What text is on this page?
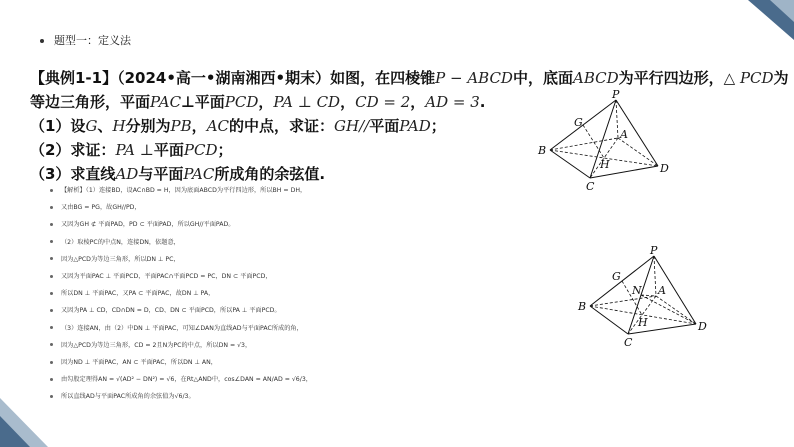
题型一：定义法
【典例1-1】（2024•高一•湖南湘西•期末）如图，在四棱锥P − ABCD中，底面ABCD为平行四边形，△ PCD为
等边三角形，平面PAC⊥平面PCD，PA ⊥ CD，CD = 2，AD = 3.
（1）设G、H分别为PB，AC的中点，求证：GH//平面PAD；
（2）求证：PA ⊥平面PCD；
（3）求直线AD与平面PAC所成角的余弦值.
【解析】（1）连接BD，设AC∩BD = H，因为底面ABCD为平行四边形，所以BH = DH，
又由BG = PG，故GH//PD，
又因为GH ⊄ 平面PAD，PD ⊂ 平面PAD，所以GH//平面PAD。
（2）取棱PC的中点N，连接DN，依题意，
因为△PCD为等边三角形，所以DN ⊥ PC，
又因为平面PAC ⊥ 平面PCD，平面PAC∩平面PCD = PC，DN ⊂ 平面PCD，
所以DN ⊥ 平面PAC，又PA ⊂ 平面PAC，故DN ⊥ PA，
又因为PA ⊥ CD，CD∩DN = D，CD、DN ⊂ 平面PCD，所以PA ⊥ 平面PCD。
（3）连接AN，由（2）中DN ⊥ 平面PAC，可知∠DAN为直线AD与平面PAC所成的角，
因为△PCD为等边三角形，CD = 2且N为PC的中点，所以DN = √3，
因为ND ⊥ 平面PAC，AN ⊂ 平面PAC，所以DN ⊥ AN，
由勾股定理得AN = √(AD² − DN²) = √6，在Rt△AND中，cos∠DAN = AN/AD = √6/3，
所以直线AD与平面PAC所成角的余弦值为√6/3。
P
G
A
B
H	D
C
P
G
N A
B
H	D
C
